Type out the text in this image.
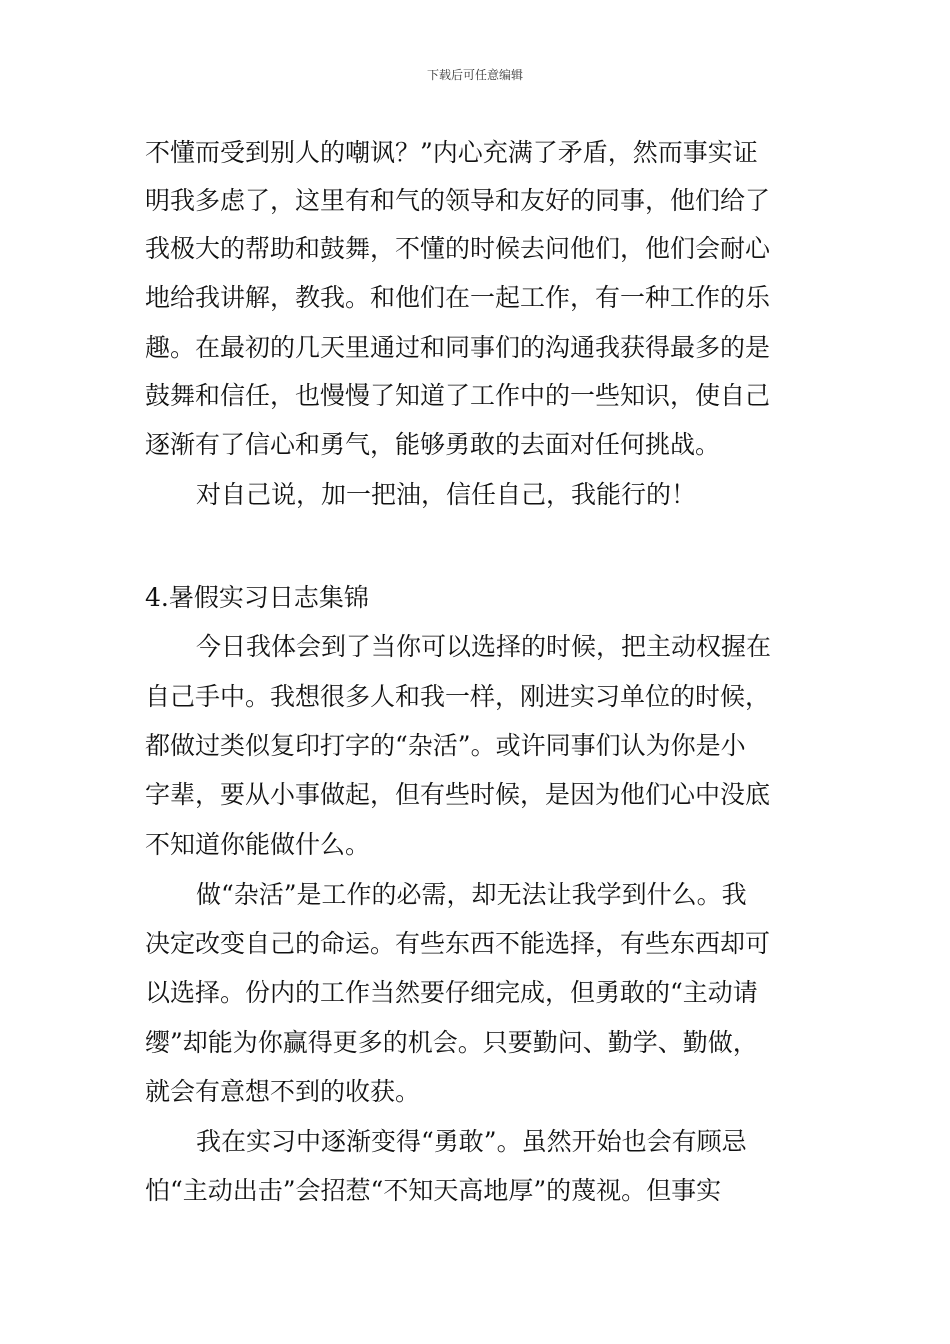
下载后可任意编辑
不懂而受到别人的嘲讽？”内心充满了矛盾，然而事实证
明我多虑了，这里有和气的领导和友好的同事，他们给了
我极大的帮助和鼓舞，不懂的时候去问他们，他们会耐心
地给我讲解，教我。和他们在一起工作，有一种工作的乐
趣。在最初的几天里通过和同事们的沟通我获得最多的是
鼓舞和信任，也慢慢了知道了工作中的一些知识，使自己
逐渐有了信心和勇气，能够勇敢的去面对任何挑战。
对自己说，加一把油，信任自己，我能行的！
4.暑假实习日志集锦
今日我体会到了当你可以选择的时候，把主动权握在
自己手中。我想很多人和我一样，刚进实习单位的时候，
都做过类似复印打字的“杂活”。或许同事们认为你是小
字辈，要从小事做起，但有些时候，是因为他们心中没底
不知道你能做什么。
做“杂活”是工作的必需，却无法让我学到什么。我
决定改变自己的命运。有些东西不能选择，有些东西却可
以选择。份内的工作当然要仔细完成，但勇敢的“主动请
缨”却能为你赢得更多的机会。只要勤问、勤学、勤做，
就会有意想不到的收获。
我在实习中逐渐变得“勇敢”。虽然开始也会有顾忌
怕“主动出击”会招惹“不知天高地厚”的蔑视。但事实
